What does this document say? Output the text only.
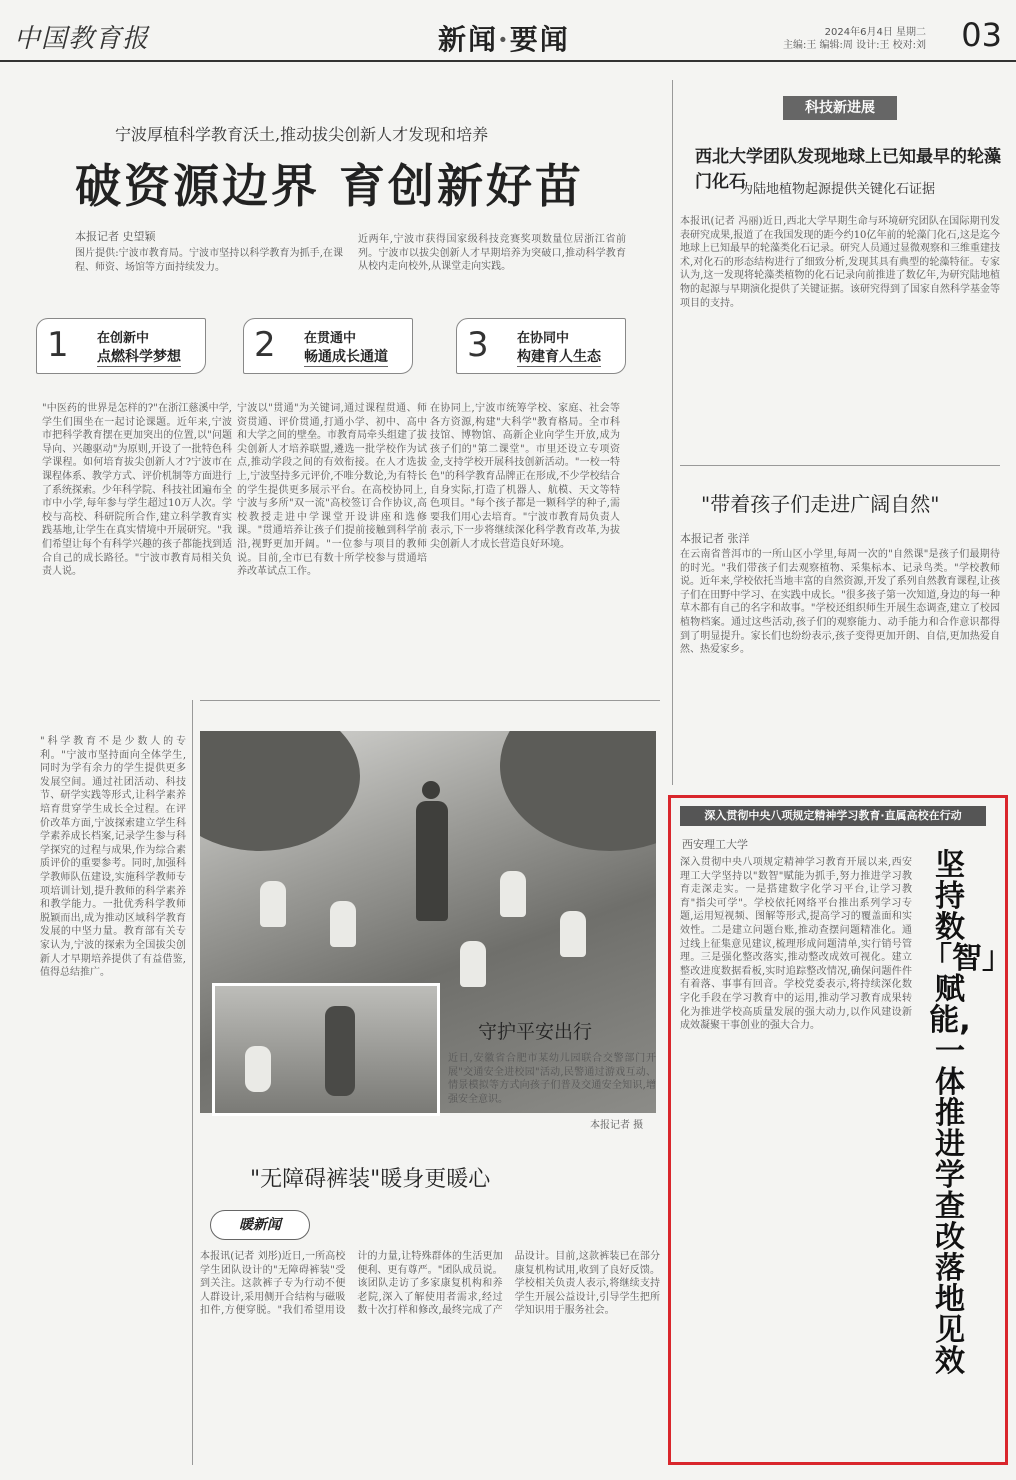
中国教育报	新闻·要闻	2024年6月4日 星期二
主编:王 编辑:周 设计:王 校对:刘 03
宁波厚植科学教育沃土,推动拔尖创新人才发现和培养
破资源边界 育创新好苗
本报记者 史望颖
图片提供:宁波市教育局。宁波市坚持以科学教育为抓手,在课程、师资、场馆等方面持续发力。
近两年,宁波市获得国家级科技竞赛奖项数量位居浙江省前列。宁波市以拔尖创新人才早期培养为突破口,推动科学教育从校内走向校外,从课堂走向实践。
1 在创新中
点燃科学梦想 2 在贯通中
畅通成长通道 3 在协同中
构建育人生态
"中医药的世界是怎样的?"在浙江慈溪中学,学生们围坐在一起讨论课题。近年来,宁波市把科学教育摆在更加突出的位置,以"问题导向、兴趣驱动"为原则,开设了一批特色科学课程。如何培育拔尖创新人才?宁波市在课程体系、教学方式、评价机制等方面进行了系统探索。少年科学院、科技社团遍布全市中小学,每年参与学生超过10万人次。学校与高校、科研院所合作,建立科学教育实践基地,让学生在真实情境中开展研究。"我们希望让每个有科学兴趣的孩子都能找到适合自己的成长路径。"宁波市教育局相关负责人说。
宁波以"贯通"为关键词,通过课程贯通、师资贯通、评价贯通,打通小学、初中、高中和大学之间的壁垒。市教育局牵头组建了拔尖创新人才培养联盟,遴选一批学校作为试点,推动学段之间的有效衔接。在人才选拔上,宁波坚持多元评价,不唯分数论,为有特长的学生提供更多展示平台。在高校协同上,宁波与多所"双一流"高校签订合作协议,高校教授走进中学课堂开设讲座和选修课。"贯通培养让孩子们提前接触到科学前沿,视野更加开阔。"一位参与项目的教师说。目前,全市已有数十所学校参与贯通培养改革试点工作。
在协同上,宁波市统筹学校、家庭、社会等各方资源,构建"大科学"教育格局。全市科技馆、博物馆、高新企业向学生开放,成为孩子们的"第二课堂"。市里还设立专项资金,支持学校开展科技创新活动。"一校一特色"的科学教育品牌正在形成,不少学校结合自身实际,打造了机器人、航模、天文等特色项目。"每个孩子都是一颗科学的种子,需要我们用心去培育。"宁波市教育局负责人表示,下一步将继续深化科学教育改革,为拔尖创新人才成长营造良好环境。
"科学教育不是少数人的专利。"宁波市坚持面向全体学生,同时为学有余力的学生提供更多发展空间。通过社团活动、科技节、研学实践等形式,让科学素养培育贯穿学生成长全过程。在评价改革方面,宁波探索建立学生科学素养成长档案,记录学生参与科学探究的过程与成果,作为综合素质评价的重要参考。同时,加强科学教师队伍建设,实施科学教师专项培训计划,提升教师的科学素养和教学能力。一批优秀科学教师脱颖而出,成为推动区域科学教育发展的中坚力量。教育部有关专家认为,宁波的探索为全国拔尖创新人才早期培养提供了有益借鉴,值得总结推广。
科技新进展
西北大学团队发现地球上已知最早的轮藻门化石
为陆地植物起源提供关键化石证据
本报讯(记者 冯丽)近日,西北大学早期生命与环境研究团队在国际期刊发表研究成果,报道了在我国发现的距今约10亿年前的轮藻门化石,这是迄今地球上已知最早的轮藻类化石记录。研究人员通过显微观察和三维重建技术,对化石的形态结构进行了细致分析,发现其具有典型的轮藻特征。专家认为,这一发现将轮藻类植物的化石记录向前推进了数亿年,为研究陆地植物的起源与早期演化提供了关键证据。该研究得到了国家自然科学基金等项目的支持。
"带着孩子们走进广阔自然"
本报记者 张洋
在云南省普洱市的一所山区小学里,每周一次的"自然课"是孩子们最期待的时光。"我们带孩子们去观察植物、采集标本、记录鸟类。"学校教师说。近年来,学校依托当地丰富的自然资源,开发了系列自然教育课程,让孩子们在田野中学习、在实践中成长。"很多孩子第一次知道,身边的每一种草木都有自己的名字和故事。"学校还组织师生开展生态调查,建立了校园植物档案。通过这些活动,孩子们的观察能力、动手能力和合作意识都得到了明显提升。家长们也纷纷表示,孩子变得更加开朗、自信,更加热爱自然、热爱家乡。
守护平安出行
近日,安徽省合肥市某幼儿园联合交警部门开展"交通安全进校园"活动,民警通过游戏互动、情景模拟等方式向孩子们普及交通安全知识,增强安全意识。
本报记者 摄
"无障碍裤装"暖身更暖心
暖新闻
本报讯(记者 刘彤)近日,一所高校学生团队设计的"无障碍裤装"受到关注。这款裤子专为行动不便人群设计,采用侧开合结构与磁吸扣件,方便穿脱。"我们希望用设计的力量,让特殊群体的生活更加便利、更有尊严。"团队成员说。该团队走访了多家康复机构和养老院,深入了解使用者需求,经过数十次打样和修改,最终完成了产品设计。目前,这款裤装已在部分康复机构试用,收到了良好反馈。学校相关负责人表示,将继续支持学生开展公益设计,引导学生把所学知识用于服务社会。
深入贯彻中央八项规定精神学习教育·直属高校在行动
西安理工大学
坚持数「智」赋能,一体推进学查改落地见效
深入贯彻中央八项规定精神学习教育开展以来,西安理工大学坚持以"数智"赋能为抓手,努力推进学习教育走深走实。一是搭建数字化学习平台,让学习教育"指尖可学"。学校依托网络平台推出系列学习专题,运用短视频、图解等形式,提高学习的覆盖面和实效性。二是建立问题台账,推动查摆问题精准化。通过线上征集意见建议,梳理形成问题清单,实行销号管理。三是强化整改落实,推动整改成效可视化。建立整改进度数据看板,实时追踪整改情况,确保问题件件有着落、事事有回音。学校党委表示,将持续深化数字化手段在学习教育中的运用,推动学习教育成果转化为推进学校高质量发展的强大动力,以作风建设新成效凝聚干事创业的强大合力。
